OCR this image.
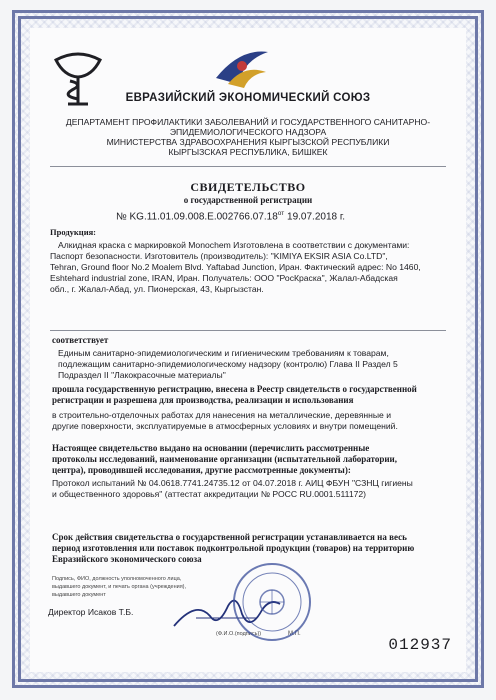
ЕВРАЗИЙСКИЙ ЭКОНОМИЧЕСКИЙ СОЮЗ
ДЕПАРТАМЕНТ ПРОФИЛАКТИКИ ЗАБОЛЕВАНИЙ И ГОСУДАРСТВЕННОГО САНИТАРНО-
ЭПИДЕМИОЛОГИЧЕСКОГО НАДЗОРА
МИНИСТЕРСТВА ЗДРАВООХРАНЕНИЯ КЫРГЫЗСКОЙ РЕСПУБЛИКИ
КЫРГЫЗСКАЯ РЕСПУБЛИКА, БИШКЕК
СВИДЕТЕЛЬСТВО
о государственной регистрации
№ $KG.11.01.09.008.E.002766.07.18^{от}$ 19.07.2018 г.
Продукция:
Алкидная краска с маркировкой Monochem Изготовлена в соответствии с документами:
Паспорт безопасности. Изготовитель (производитель): "KIMIYA EKSIR ASIA Co.LTD",
Tehran, Ground floor No.2 Moalem Blvd. Yaftabad Junction, Иран. Фактический адрес: No 1460,
Eshtehard industrial zone, IRAN, Иран. Получатель: ООО "РосКраска", Жалал-Абадская
обл., г. Жалал-Абад, ул. Пионерская, 43, Кыргызстан.
соответствует
Единым санитарно-эпидемиологическим и гигиеническим требованиям к товарам,
подлежащим санитарно-эпидемиологическому надзору (контролю) Глава II Раздел 5
Подраздел II "Лакокрасочные материалы"
прошла государственную регистрацию, внесена в Реестр свидетельств о государственной
регистрации и разрешена для производства, реализации и использования
в строительно-отделочных работах для нанесения на металлические, деревянные и
другие поверхности, эксплуатируемые в атмосферных условиях и внутри помещений.
Настоящее свидетельство выдано на основании (перечислить рассмотренные
протоколы исследований, наименование организации (испытательной лаборатории,
центра), проводившей исследования, другие рассмотренные документы):
Протокол испытаний № 04.0618.7741.24735.12 от 04.07.2018 г. АИЦ ФБУН "СЗНЦ гигиены
и общественного здоровья" (аттестат аккредитации № РОСС RU.0001.511172)
Срок действия свидетельства о государственной регистрации устанавливается на весь
период изготовления или поставок подконтрольной продукции (товаров) на территорию
Евразийского экономического союза
Подпись, ФИО, должность уполномоченного лица,
выдавшего документ, и печать органа (учреждения),
выдавшего документ
Директор Исаков Т.Б.
(Ф.И.О.(подпись))	М.П.
012937
